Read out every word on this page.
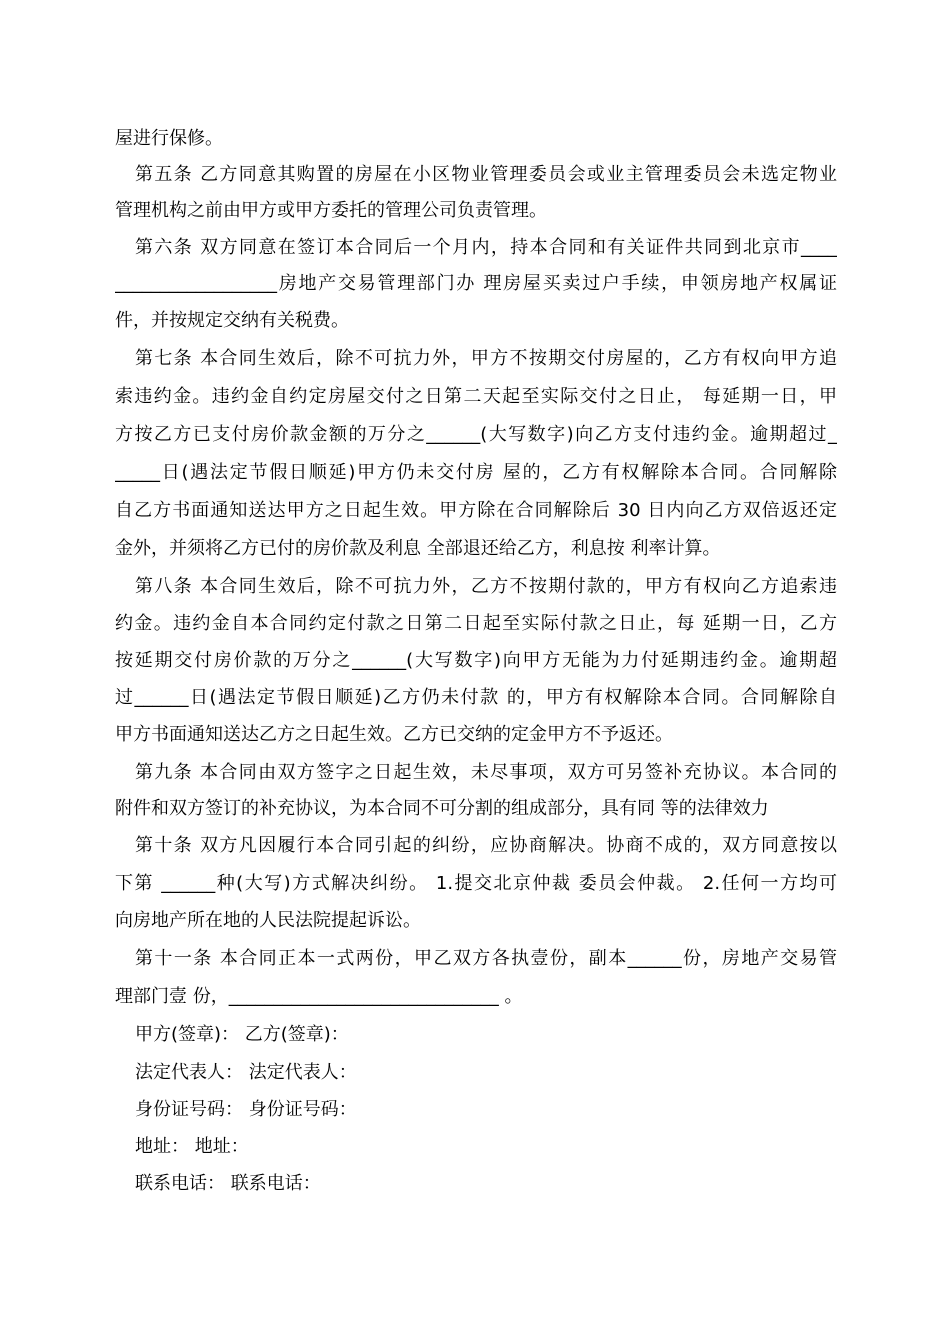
屋进行保修。
第五条 乙方同意其购置的房屋在小区物业管理委员会或业主管理委员会未选定物业
管理机构之前由甲方或甲方委托的管理公司负责管理。
第六条 双方同意在签订本合同后一个月内，持本合同和有关证件共同到北京市____
__________________房地产交易管理部门办 理房屋买卖过户手续，申领房地产权属证
件，并按规定交纳有关税费。
第七条 本合同生效后，除不可抗力外，甲方不按期交付房屋的，乙方有权向甲方追
索违约金。违约金自约定房屋交付之日第二天起至实际交付之日止， 每延期一日，甲
方按乙方已支付房价款金额的万分之______(大写数字)向乙方支付违约金。逾期超过_
_____日(遇法定节假日顺延)甲方仍未交付房 屋的，乙方有权解除本合同。合同解除
自乙方书面通知送达甲方之日起生效。甲方除在合同解除后 30 日内向乙方双倍返还定
金外，并须将乙方已付的房价款及利息 全部退还给乙方，利息按 利率计算。
第八条 本合同生效后，除不可抗力外，乙方不按期付款的，甲方有权向乙方追索违
约金。违约金自本合同约定付款之日第二日起至实际付款之日止，每 延期一日，乙方
按延期交付房价款的万分之______(大写数字)向甲方无能为力付延期违约金。逾期超
过______日(遇法定节假日顺延)乙方仍未付款 的，甲方有权解除本合同。合同解除自
甲方书面通知送达乙方之日起生效。乙方已交纳的定金甲方不予返还。
第九条 本合同由双方签字之日起生效，未尽事项，双方可另签补充协议。本合同的
附件和双方签订的补充协议，为本合同不可分割的组成部分，具有同 等的法律效力
第十条 双方凡因履行本合同引起的纠纷，应协商解决。协商不成的，双方同意按以
下第 ______种(大写)方式解决纠纷。 1.提交北京仲裁 委员会仲裁。 2.任何一方均可
向房地产所在地的人民法院提起诉讼。
第十一条 本合同正本一式两份，甲乙双方各执壹份，副本______份，房地产交易管
理部门壹 份，______________________________ 。
甲方(签章)： 乙方(签章)：
法定代表人： 法定代表人：
身份证号码： 身份证号码：
地址： 地址：
联系电话： 联系电话：
